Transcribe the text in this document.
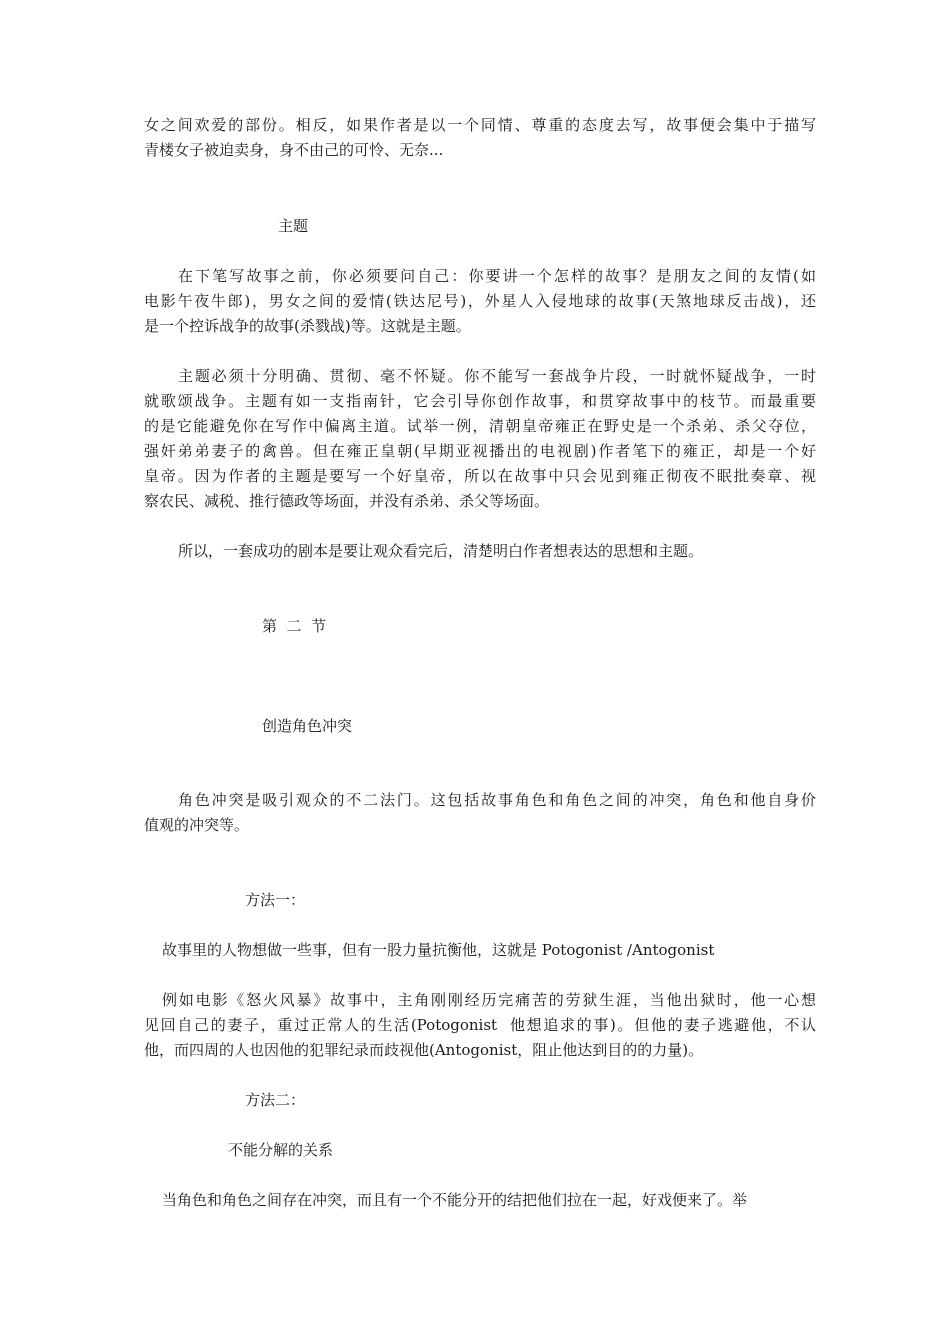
女之间欢爱的部份。相反，如果作者是以一个同情、尊重的态度去写，故事便会集中于描写
青楼女子被迫卖身，身不由己的可怜、无奈...
主题
在下笔写故事之前，你必须要问自己：你要讲一个怎样的故事？是朋友之间的友情(如
电影午夜牛郎)，男女之间的爱情(铁达尼号)，外星人入侵地球的故事(天煞地球反击战)，还
是一个控诉战争的故事(杀戮战)等。这就是主题。
主题必须十分明确、贯彻、毫不怀疑。你不能写一套战争片段，一时就怀疑战争，一时
就歌颂战争。主题有如一支指南针，它会引导你创作故事，和贯穿故事中的枝节。而最重要
的是它能避免你在写作中偏离主道。试举一例，清朝皇帝雍正在野史是一个杀弟、杀父夺位，
强奸弟弟妻子的禽兽。但在雍正皇朝(早期亚视播出的电视剧)作者笔下的雍正，却是一个好
皇帝。因为作者的主题是要写一个好皇帝，所以在故事中只会见到雍正彻夜不眠批奏章、视
察农民、减税、推行德政等场面，并没有杀弟、杀父等场面。
所以，一套成功的剧本是要让观众看完后，清楚明白作者想表达的思想和主题。
第  二  节
创造角色冲突
角色冲突是吸引观众的不二法门。这包括故事角色和角色之间的冲突，角色和他自身价
值观的冲突等。
方法一：
故事里的人物想做一些事，但有一股力量抗衡他，这就是 Potogonist /Antogonist
例如电影《怒火风暴》故事中，主角刚刚经历完痛苦的劳狱生涯，当他出狱时，他一心想
见回自己的妻子，重过正常人的生活(Potogonist  他想追求的事)。但他的妻子逃避他，不认
他，而四周的人也因他的犯罪纪录而歧视他(Antogonist，阻止他达到目的的力量)。
方法二：
不能分解的关系
当角色和角色之间存在冲突，而且有一个不能分开的结把他们拉在一起，好戏便来了。举
